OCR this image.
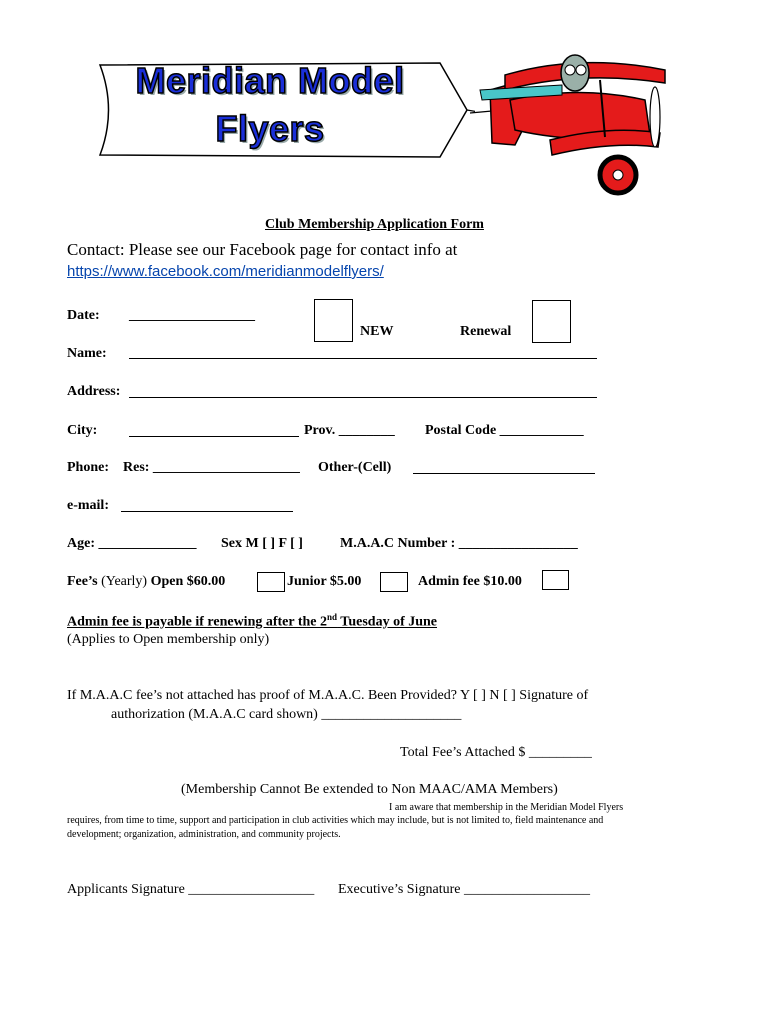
Meridian Model
Flyers
Club Membership Application Form
Contact: Please see our Facebook page for contact info at
https://www.facebook.com/meridianmodelflyers/
Date: __________________
NEW	Renewal
Name:
Address:
City:	Prov. ________ Postal Code ____________
Phone: Res: _____________________ Other-(Cell)
e-mail:
Age: ______________ Sex M [ ] F [ ]	M.A.A.C Number : _________________
Fee’s (Yearly) Open $60.00	Junior $5.00	Admin fee $10.00
Admin fee is payable if renewing after the 2nd Tuesday of June
(Applies to Open membership only)
If M.A.A.C fee’s not attached has proof of M.A.A.C. Been Provided? Y [ ] N [ ] Signature of
authorization (M.A.A.C card shown) ____________________
Total Fee’s Attached $ _________
(Membership Cannot Be extended to Non MAAC/AMA Members)
I am aware that membership in the Meridian Model Flyers
requires, from time to time, support and participation in club activities which may include, but is not limited to, field maintenance and
development; organization, administration, and community projects.
Applicants Signature __________________ Executive’s Signature __________________
